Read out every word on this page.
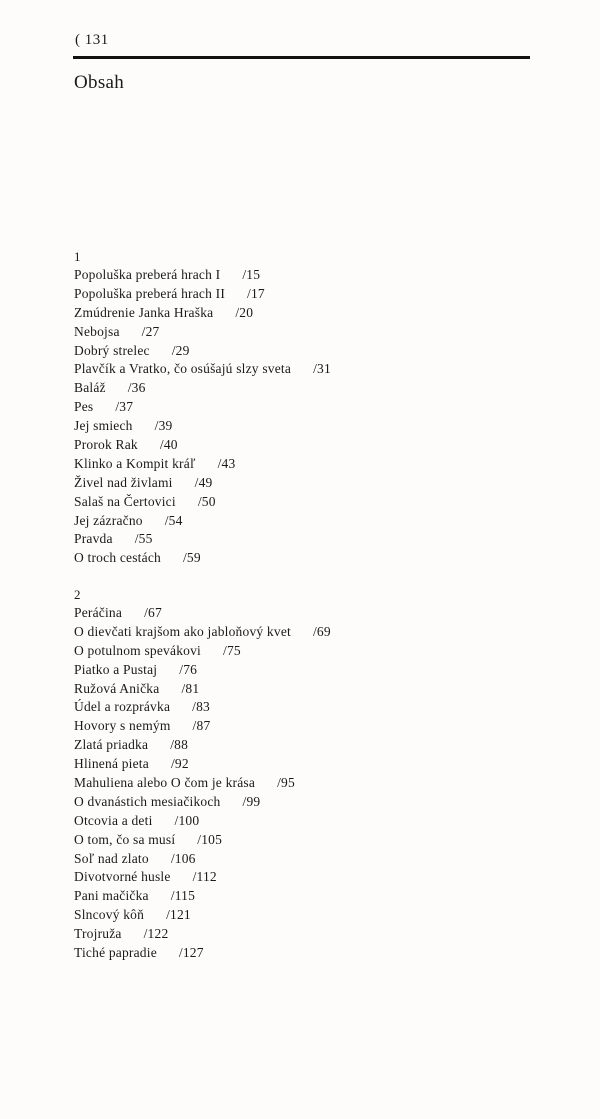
( 131
Obsah
1
Popoluška preberá hrach I /15
Popoluška preberá hrach II /17
Zmúdrenie Janka Hraška /20
Nebojsa /27
Dobrý strelec /29
Plavčík a Vratko, čo osúšajú slzy sveta /31
Baláž /36
Pes /37
Jej smiech /39
Prorok Rak /40
Klinko a Kompit kráľ /43
Živel nad živlami /49
Salaš na Čertovici /50
Jej zázračno /54
Pravda /55
O troch cestách /59
2
Peráčina /67
O dievčati krajšom ako jabloňový kvet /69
O potulnom spevákovi /75
Piatko a Pustaj /76
Ružová Anička /81
Údel a rozprávka /83
Hovory s nemým /87
Zlatá priadka /88
Hlinená pieta /92
Mahuliena alebo O čom je krása /95
O dvanástich mesiačikoch /99
Otcovia a deti /100
O tom, čo sa musí /105
Soľ nad zlato /106
Divotvorné husle /112
Pani mačička /115
Slncový kôň /121
Trojruža /122
Tiché papradie /127
